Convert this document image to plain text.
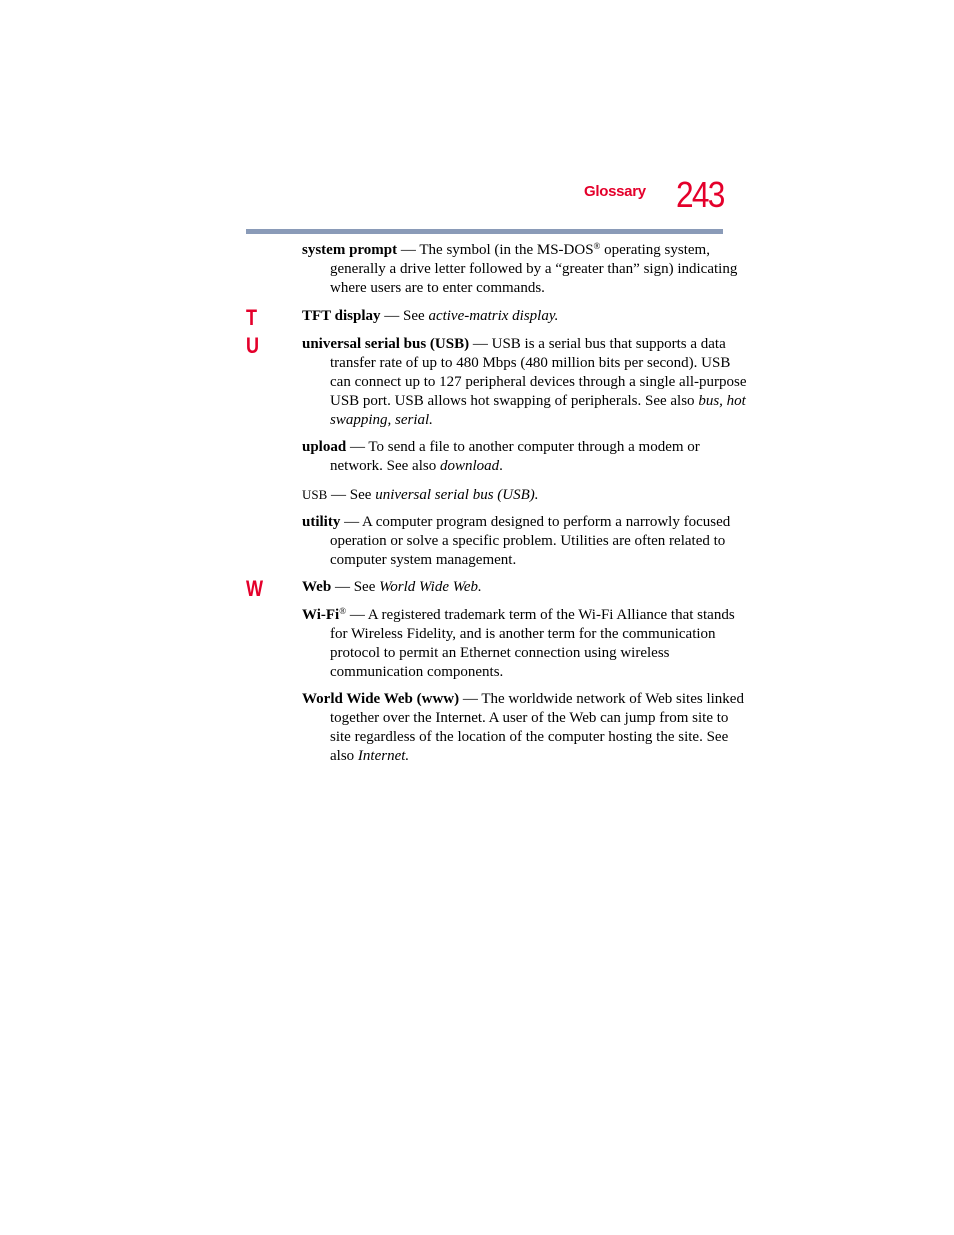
Glossary 243

system prompt — The symbol (in the MS-DOS® operating system, generally a drive letter followed by a “greater than” sign) indicating where users are to enter commands.

T	TFT display — See active-matrix display.

U	universal serial bus (USB) — USB is a serial bus that supports a data transfer rate of up to 480 Mbps (480 million bits per second). USB can connect up to 127 peripheral devices through a single all-purpose USB port. USB allows hot swapping of peripherals. See also bus, hot swapping, serial.

upload — To send a file to another computer through a modem or network. See also download.

USB — See universal serial bus (USB).

utility — A computer program designed to perform a narrowly focused operation or solve a specific problem. Utilities are often related to computer system management.

W	Web — See World Wide Web.

Wi-Fi® — A registered trademark term of the Wi-Fi Alliance that stands for Wireless Fidelity, and is another term for the communication protocol to permit an Ethernet connection using wireless communication components.

World Wide Web (www) — The worldwide network of Web sites linked together over the Internet. A user of the Web can jump from site to site regardless of the location of the computer hosting the site. See also Internet.
